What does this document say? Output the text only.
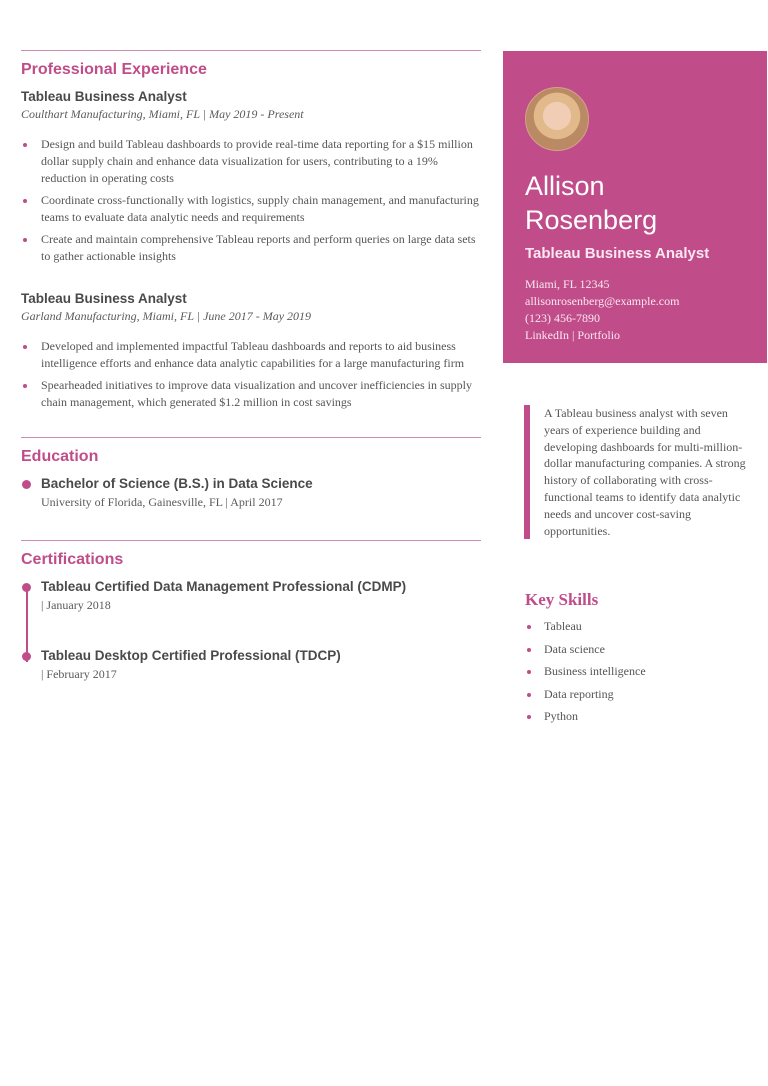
Professional Experience
Tableau Business Analyst
Coulthart Manufacturing, Miami, FL | May 2019 - Present
Design and build Tableau dashboards to provide real-time data reporting for a $15 million dollar supply chain and enhance data visualization for users, contributing to a 19% reduction in operating costs
Coordinate cross-functionally with logistics, supply chain management, and manufacturing teams to evaluate data analytic needs and requirements
Create and maintain comprehensive Tableau reports and perform queries on large data sets to gather actionable insights
Tableau Business Analyst
Garland Manufacturing, Miami, FL | June 2017 - May 2019
Developed and implemented impactful Tableau dashboards and reports to aid business intelligence efforts and enhance data analytic capabilities for a large manufacturing firm
Spearheaded initiatives to improve data visualization and uncover inefficiencies in supply chain management, which generated $1.2 million in cost savings
Education
Bachelor of Science (B.S.) in Data Science
University of Florida, Gainesville, FL | April 2017
Certifications
Tableau Certified Data Management Professional (CDMP)
| January 2018
Tableau Desktop Certified Professional (TDCP)
| February 2017
Allison
Rosenberg
Tableau Business Analyst
Miami, FL 12345
allisonrosenberg@example.com
(123) 456-7890
LinkedIn | Portfolio
A Tableau business analyst with seven years of experience building and developing dashboards for multi-million-dollar manufacturing companies. A strong history of collaborating with cross-functional teams to identify data analytic needs and uncover cost-saving opportunities.
Key Skills
Tableau
Data science
Business intelligence
Data reporting
Python
